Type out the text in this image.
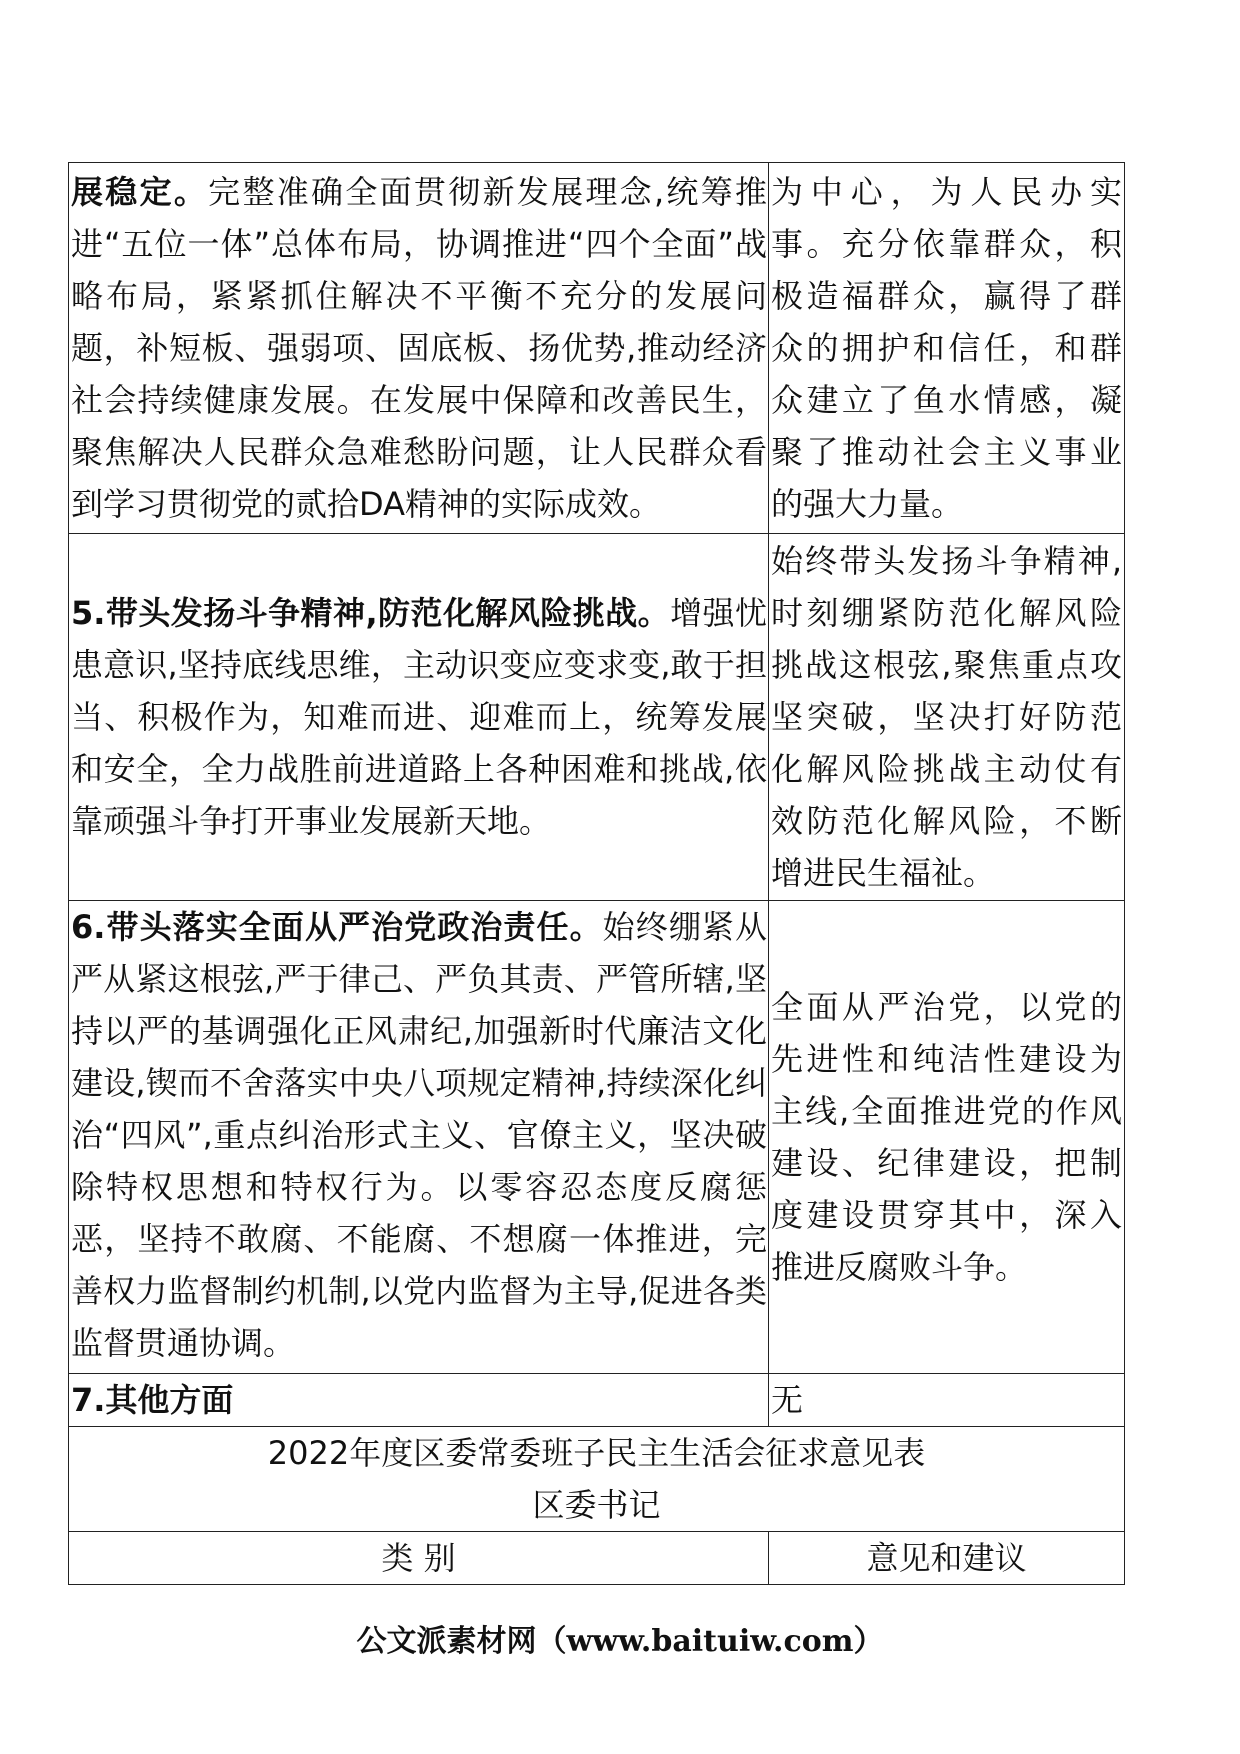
展稳定。完整准确全面贯彻新发展理念,统筹推进“五位一体”总体布局，协调推进“四个全面”战略布局，紧紧抓住解决不平衡不充分的发展问题，补短板、强弱项、固底板、扬优势,推动经济社会持续健康发展。在发展中保障和改善民生，聚焦解决人民群众急难愁盼问题，让人民群众看到学习贯彻党的贰拾DA精神的实际成效。	为中心，为人民办实事。充分依靠群众，积极造福群众，赢得了群众的拥护和信任，和群众建立了鱼水情感，凝聚了推动社会主义事业的强大力量。
5.带头发扬斗争精神,防范化解风险挑战。增强忧患意识,坚持底线思维，主动识变应变求变,敢于担当、积极作为，知难而进、迎难而上，统筹发展和安全，全力战胜前进道路上各种困难和挑战,依靠顽强斗争打开事业发展新天地。	始终带头发扬斗争精神,时刻绷紧防范化解风险挑战这根弦,聚焦重点攻坚突破，坚决打好防范化解风险挑战主动仗有效防范化解风险，不断增进民生福祉。
6.带头落实全面从严治党政治责任。始终绷紧从严从紧这根弦,严于律己、严负其责、严管所辖,坚持以严的基调强化正风肃纪,加强新时代廉洁文化建设,锲而不舍落实中央八项规定精神,持续深化纠治“四风”,重点纠治形式主义、官僚主义，坚决破除特权思想和特权行为。以零容忍态度反腐惩恶，坚持不敢腐、不能腐、不想腐一体推进，完善权力监督制约机制,以党内监督为主导,促进各类监督贯通协调。	全面从严治党，以党的先进性和纯洁性建设为主线,全面推进党的作风建设、纪律建设，把制度建设贯穿其中，深入推进反腐败斗争。
7.其他方面	无

2022年度区委常委班子民主生活会征求意见表
区委书记	

类 别	意见和建议
公文派素材网（www.baituiw.com）
